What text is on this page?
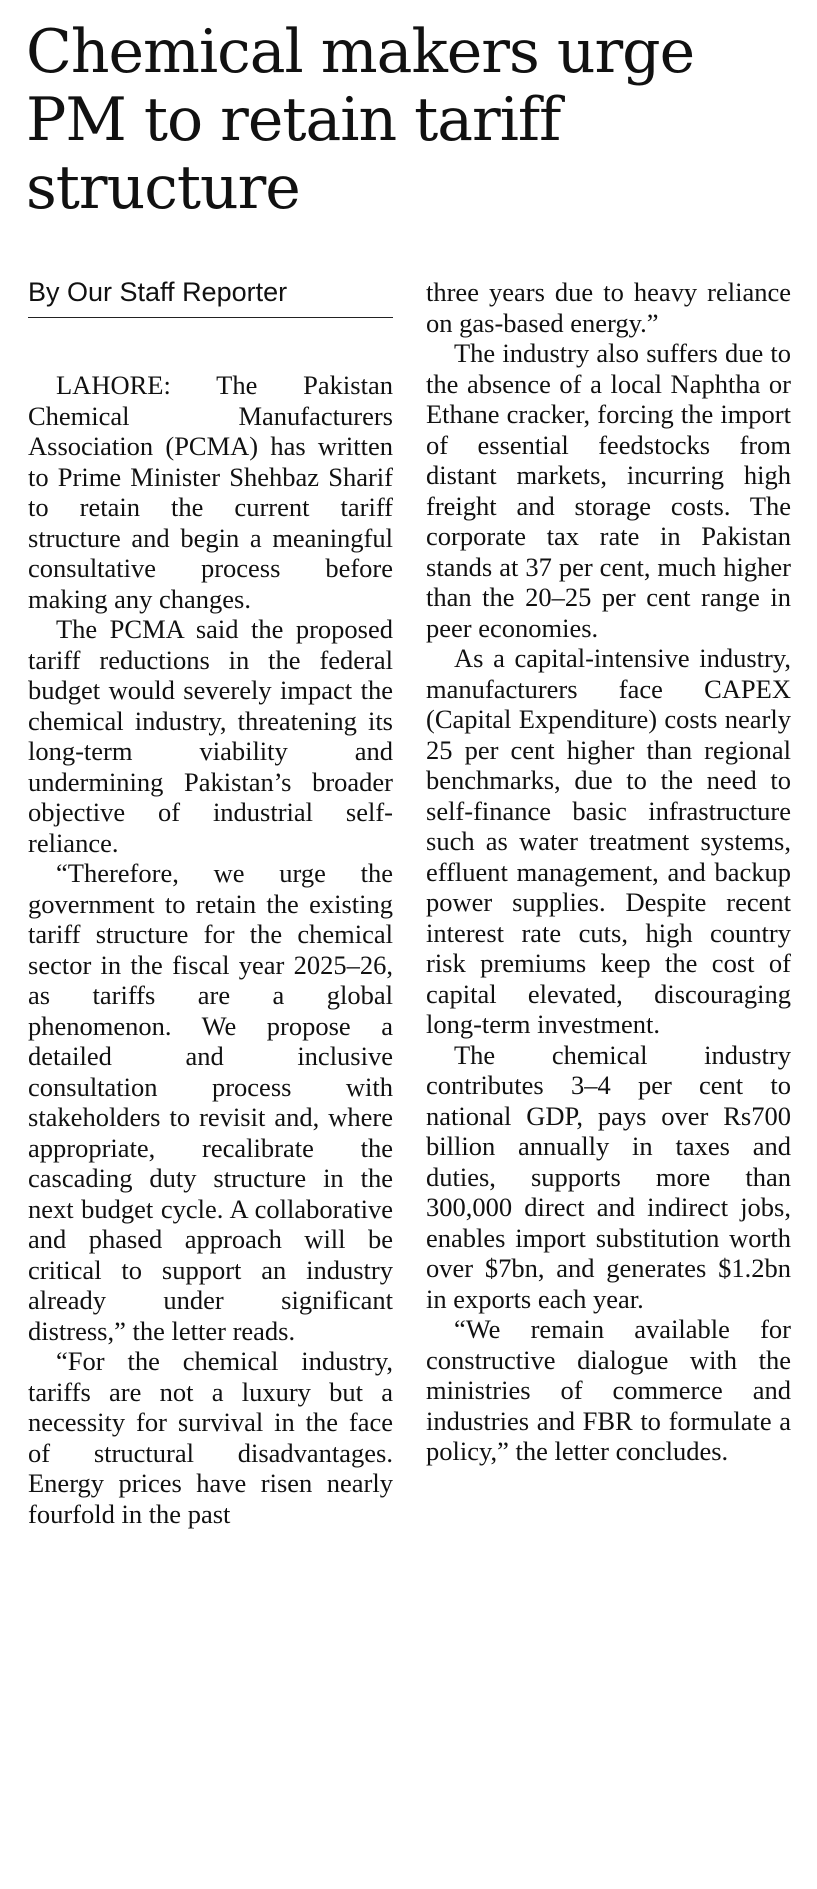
Chemical makers urge PM to retain tariff structure
By Our Staff Reporter

LAHORE: The Pakistan Chemical Manufacturers Association (PCMA) has written to Prime Minister Shehbaz Sharif to retain the current tariff structure and begin a meaningful consultative process before making any changes.

The PCMA said the proposed tariff reductions in the federal budget would severely impact the chemical industry, threatening its long-term viability and undermining Pakistan’s broader objective of industrial self-reliance.

“Therefore, we urge the government to retain the existing tariff structure for the chemical sector in the fiscal year 2025–26, as tariffs are a global phenomenon. We propose a detailed and inclusive consultation process with stakeholders to revisit and, where appropriate, recalibrate the cascading duty structure in the next budget cycle. A collaborative and phased approach will be critical to support an industry already under significant distress,” the letter reads.

“For the chemical industry, tariffs are not a luxury but a necessity for survival in the face of structural disadvantages. Energy prices have risen nearly fourfold in the past

three years due to heavy reliance on gas-based energy.”

The industry also suffers due to the absence of a local Naphtha or Ethane cracker, forcing the import of essential feedstocks from distant markets, incurring high freight and storage costs. The corporate tax rate in Pakistan stands at 37 per cent, much higher than the 20–25 per cent range in peer economies.

As a capital-intensive industry, manufacturers face CAPEX (Capital Expenditure) costs nearly 25 per cent higher than regional benchmarks, due to the need to self-finance basic infrastructure such as water treatment systems, effluent management, and backup power supplies. Despite recent interest rate cuts, high country risk premiums keep the cost of capital elevated, discouraging long-term investment.

The chemical industry contributes 3–4 per cent to national GDP, pays over Rs700 billion annually in taxes and duties, supports more than 300,000 direct and indirect jobs, enables import substitution worth over $7bn, and generates $1.2bn in exports each year.

“We remain available for constructive dialogue with the ministries of commerce and industries and FBR to formulate a policy,” the letter concludes.
